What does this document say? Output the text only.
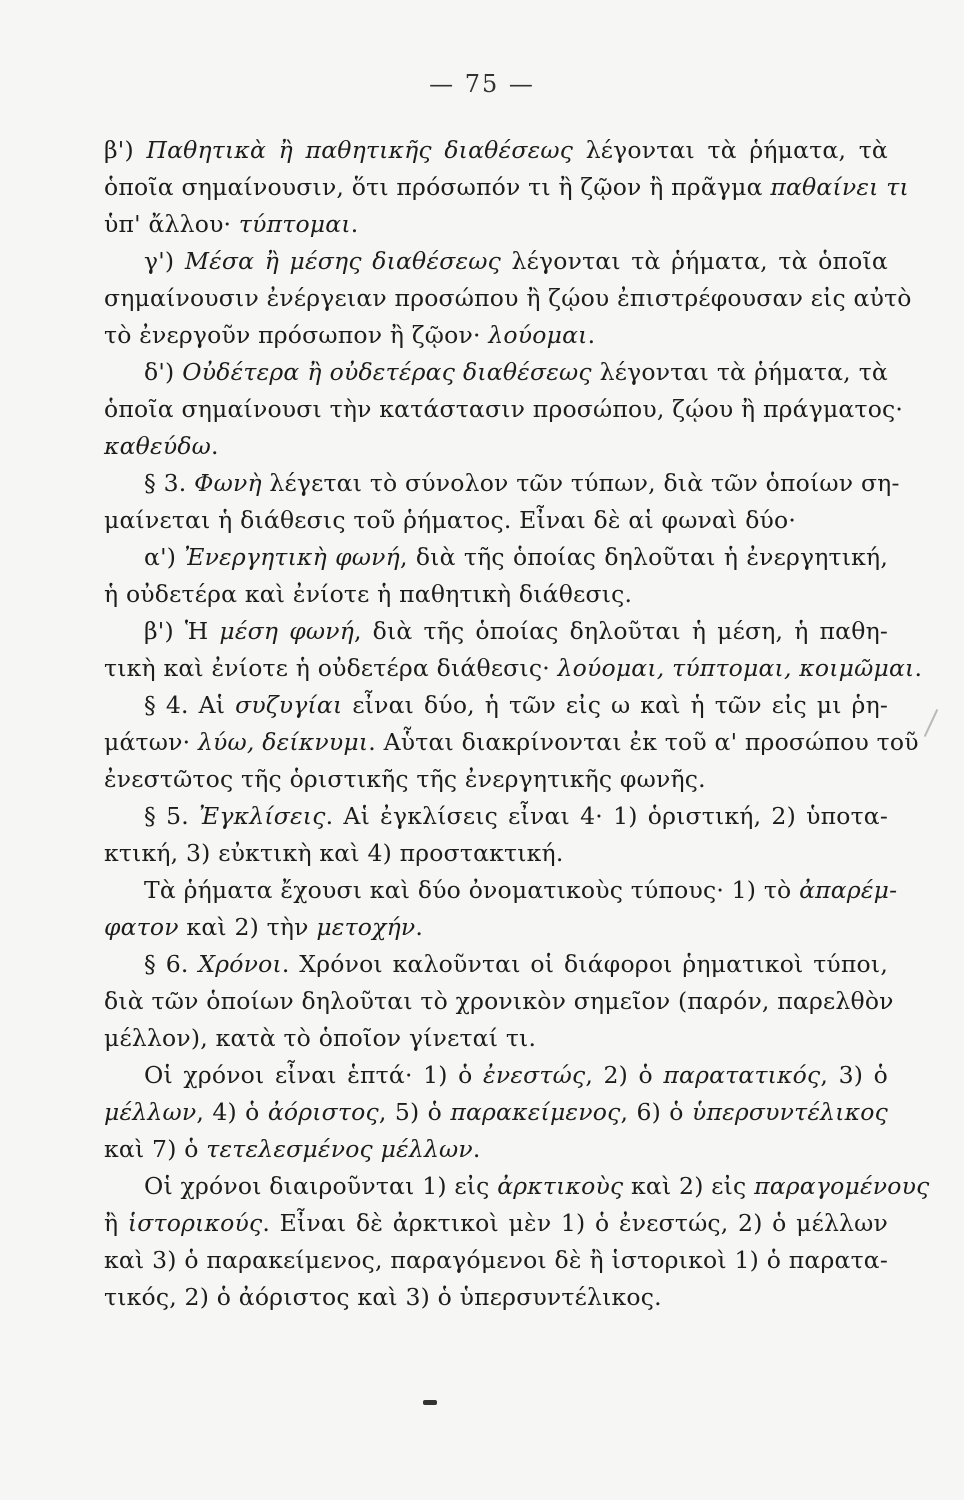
— 75 —
β') Παθητικὰ ἢ παθητικῆς διαθέσεως λέγονται τὰ ῥήματα, τὰ
ὁποῖα σημαίνουσιν, ὅτι πρόσωπόν τι ἢ ζῷον ἢ πρᾶγμα παθαίνει τι
ὑπ' ἄλλου· τύπτομαι.
γ') Μέσα ἢ μέσης διαθέσεως λέγονται τὰ ῥήματα, τὰ ὁποῖα
σημαίνουσιν ἐνέργειαν προσώπου ἢ ζῴου ἐπιστρέφουσαν εἰς αὐτὸ
τὸ ἐνεργοῦν πρόσωπον ἢ ζῷον· λούομαι.
δ') Οὐδέτερα ἢ οὐδετέρας διαθέσεως λέγονται τὰ ῥήματα, τὰ
ὁποῖα σημαίνουσι τὴν κατάστασιν προσώπου, ζῴου ἢ πράγματος·
καθεύδω.
§ 3. Φωνὴ λέγεται τὸ σύνολον τῶν τύπων, διὰ τῶν ὁποίων ση-
μαίνεται ἡ διάθεσις τοῦ ῥήματος. Εἶναι δὲ αἱ φωναὶ δύο·
α') Ἐνεργητικὴ φωνή, διὰ τῆς ὁποίας δηλοῦται ἡ ἐνεργητική,
ἡ οὐδετέρα καὶ ἐνίοτε ἡ παθητικὴ διάθεσις.
β') Ἡ μέση φωνή, διὰ τῆς ὁποίας δηλοῦται ἡ μέση, ἡ παθη-
τικὴ καὶ ἐνίοτε ἡ οὐδετέρα διάθεσις· λούομαι, τύπτομαι, κοιμῶμαι.
§ 4. Αἱ συζυγίαι εἶναι δύο, ἡ τῶν εἰς ω καὶ ἡ τῶν εἰς μι ῥη-
μάτων· λύω, δείκνυμι. Αὗται διακρίνονται ἐκ τοῦ α' προσώπου τοῦ
ἐνεστῶτος τῆς ὁριστικῆς τῆς ἐνεργητικῆς φωνῆς.
§ 5. Ἐγκλίσεις. Αἱ ἐγκλίσεις εἶναι 4· 1) ὁριστική, 2) ὑποτα-
κτική, 3) εὐκτικὴ καὶ 4) προστακτική.
Τὰ ῥήματα ἔχουσι καὶ δύο ὀνοματικοὺς τύπους· 1) τὸ ἀπαρέμ-
φατον καὶ 2) τὴν μετοχήν.
§ 6. Χρόνοι. Χρόνοι καλοῦνται οἱ διάφοροι ῥηματικοὶ τύποι,
διὰ τῶν ὁποίων δηλοῦται τὸ χρονικὸν σημεῖον (παρόν, παρελθὸν
μέλλον), κατὰ τὸ ὁποῖον γίνεταί τι.
Οἱ χρόνοι εἶναι ἑπτά· 1) ὁ ἐνεστώς, 2) ὁ παρατατικός, 3) ὁ
μέλλων, 4) ὁ ἀόριστος, 5) ὁ παρακείμενος, 6) ὁ ὑπερσυντέλικος
καὶ 7) ὁ τετελεσμένος μέλλων.
Οἱ χρόνοι διαιροῦνται 1) εἰς ἀρκτικοὺς καὶ 2) εἰς παραγομένους
ἢ ἱστορικούς. Εἶναι δὲ ἀρκτικοὶ μὲν 1) ὁ ἐνεστώς, 2) ὁ μέλλων
καὶ 3) ὁ παρακείμενος, παραγόμενοι δὲ ἢ ἱστορικοὶ 1) ὁ παρατα-
τικός, 2) ὁ ἀόριστος καὶ 3) ὁ ὑπερσυντέλικος.
